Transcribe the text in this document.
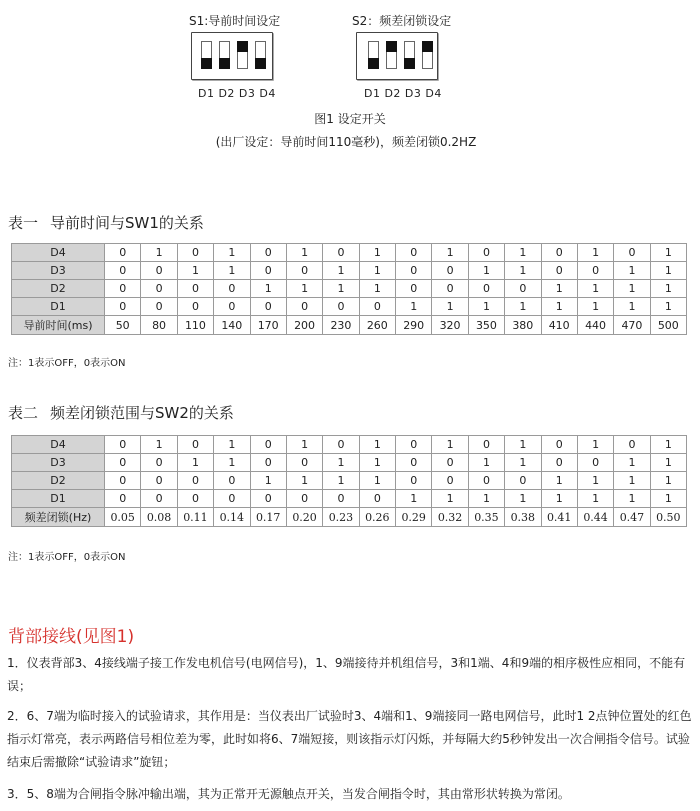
S1:导前时间设定	S2：频差闭锁设定
D1 D2 D3 D4	D1 D2 D3 D4
图1 设定开关
(出厂设定：导前时间110毫秒)，频差闭锁0.2HZ
表一 导前时间与SW1的关系
D4	0	1	0	1	0	1	0	1	0	1	0	1	0	1	0	1
D3	0	0	1	1	0	0	1	1	0	0	1	1	0	0	1	1
D2	0	0	0	0	1	1	1	1	0	0	0	0	1	1	1	1
D1	0	0	0	0	0	0	0	0	1	1	1	1	1	1	1	1
导前时间(ms)	50	80	110	140	170	200	230	260	290	320	350	380	410	440	470	500
注：1表示OFF，0表示ON
表二 频差闭锁范围与SW2的关系
D4	0	1	0	1	0	1	0	1	0	1	0	1	0	1	0	1
D3	0	0	1	1	0	0	1	1	0	0	1	1	0	0	1	1
D2	0	0	0	0	1	1	1	1	0	0	0	0	1	1	1	1
D1	0	0	0	0	0	0	0	0	1	1	1	1	1	1	1	1
频差闭锁(Hz)	0.05	0.08	0.11	0.14	0.17	0.20	0.23	0.26	0.29	0.32	0.35	0.38	0.41	0.44	0.47	0.50
注：1表示OFF，0表示ON
背部接线(见图1)
1．仪表背部3、4接线端子接工作发电机信号(电网信号)，1、9端接待并机组信号，3和1端、4和9端的相序极性应相同，不能有误；
2．6、7端为临时接入的试验请求，其作用是：当仪表出厂试验时3、4端和1、9端接同一路电网信号，此时1 2点钟位置处的红色指示灯常亮，表示两路信号相位差为零，此时如将6、7端短接，则该指示灯闪烁，并每隔大约5秒钟发出一次合闸指令信号。试验结束后需撤除“试验请求”旋钮；
3．5、8端为合闸指令脉冲输出端，其为正常开无源触点开关，当发合闸指令时，其由常形状转换为常闭。
